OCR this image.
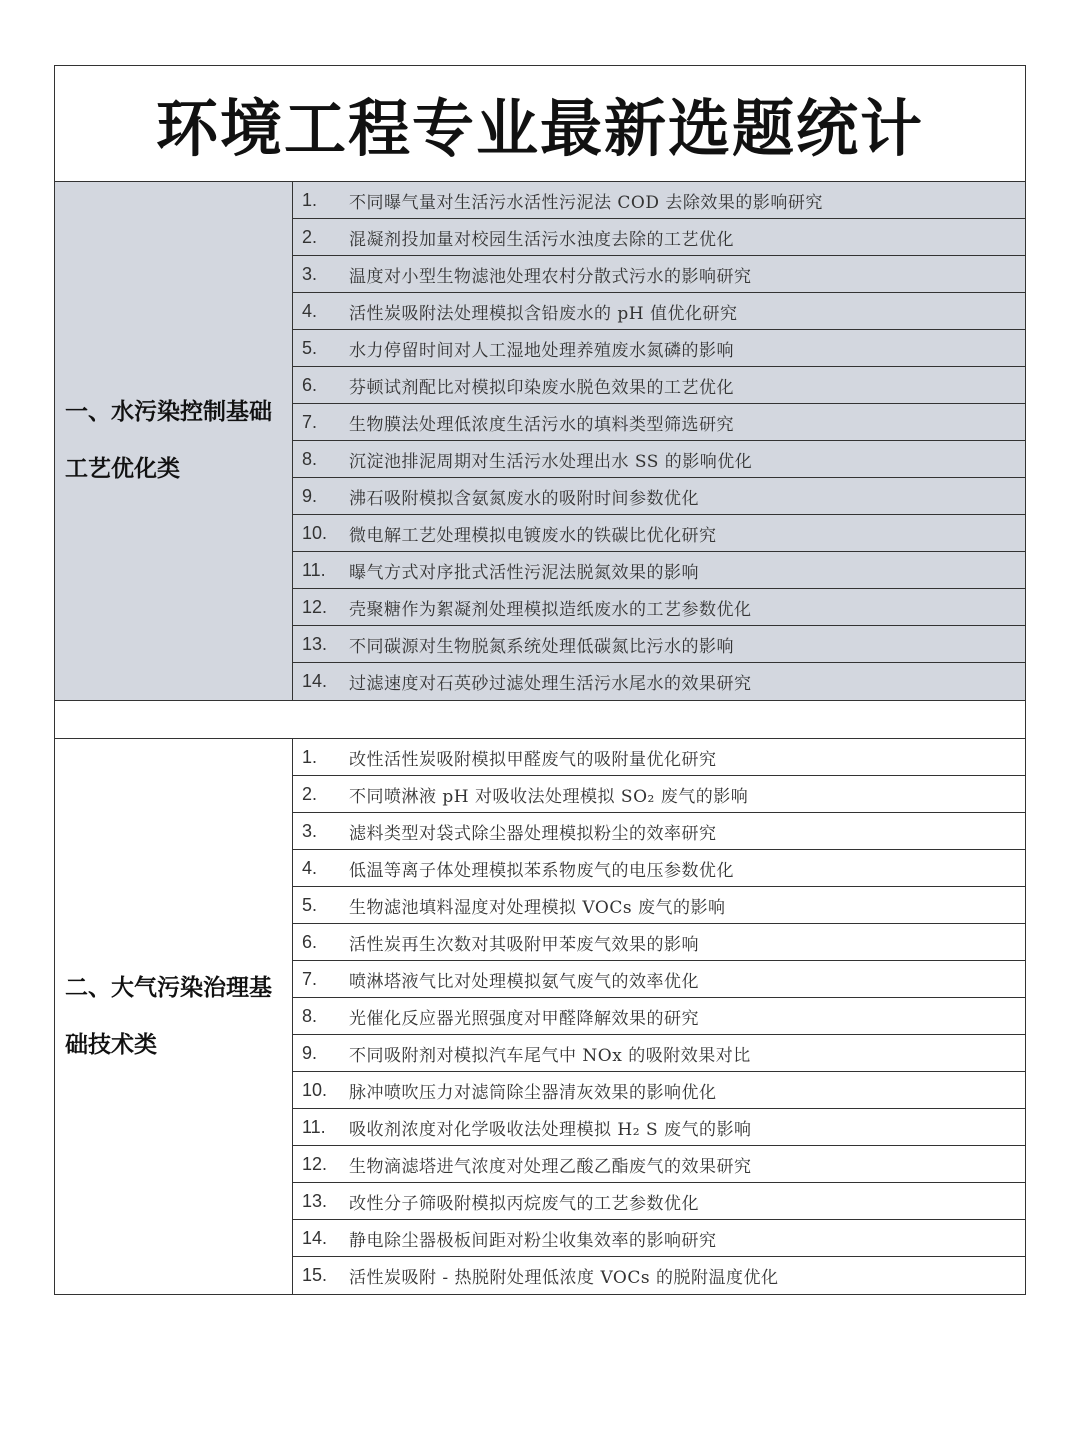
环境工程专业最新选题统计
一、水污染控制基础
工艺优化类
1.	不同曝气量对生活污水活性污泥法 COD 去除效果的影响研究
2.	混凝剂投加量对校园生活污水浊度去除的工艺优化
3.	温度对小型生物滤池处理农村分散式污水的影响研究
4.	活性炭吸附法处理模拟含铅废水的 pH 值优化研究
5.	水力停留时间对人工湿地处理养殖废水氮磷的影响
6.	芬顿试剂配比对模拟印染废水脱色效果的工艺优化
7.	生物膜法处理低浓度生活污水的填料类型筛选研究
8.	沉淀池排泥周期对生活污水处理出水 SS 的影响优化
9.	沸石吸附模拟含氨氮废水的吸附时间参数优化
10.	微电解工艺处理模拟电镀废水的铁碳比优化研究
11.	曝气方式对序批式活性污泥法脱氮效果的影响
12.	壳聚糖作为絮凝剂处理模拟造纸废水的工艺参数优化
13.	不同碳源对生物脱氮系统处理低碳氮比污水的影响
14.	过滤速度对石英砂过滤处理生活污水尾水的效果研究
二、大气污染治理基
础技术类
1.	改性活性炭吸附模拟甲醛废气的吸附量优化研究
2.	不同喷淋液 pH 对吸收法处理模拟 SO₂ 废气的影响
3.	滤料类型对袋式除尘器处理模拟粉尘的效率研究
4.	低温等离子体处理模拟苯系物废气的电压参数优化
5.	生物滤池填料湿度对处理模拟 VOCs 废气的影响
6.	活性炭再生次数对其吸附甲苯废气效果的影响
7.	喷淋塔液气比对处理模拟氨气废气的效率优化
8.	光催化反应器光照强度对甲醛降解效果的研究
9.	不同吸附剂对模拟汽车尾气中 NOx 的吸附效果对比
10.	脉冲喷吹压力对滤筒除尘器清灰效果的影响优化
11.	吸收剂浓度对化学吸收法处理模拟 H₂ S 废气的影响
12.	生物滴滤塔进气浓度对处理乙酸乙酯废气的效果研究
13.	改性分子筛吸附模拟丙烷废气的工艺参数优化
14.	静电除尘器极板间距对粉尘收集效率的影响研究
15.	活性炭吸附 - 热脱附处理低浓度 VOCs 的脱附温度优化
